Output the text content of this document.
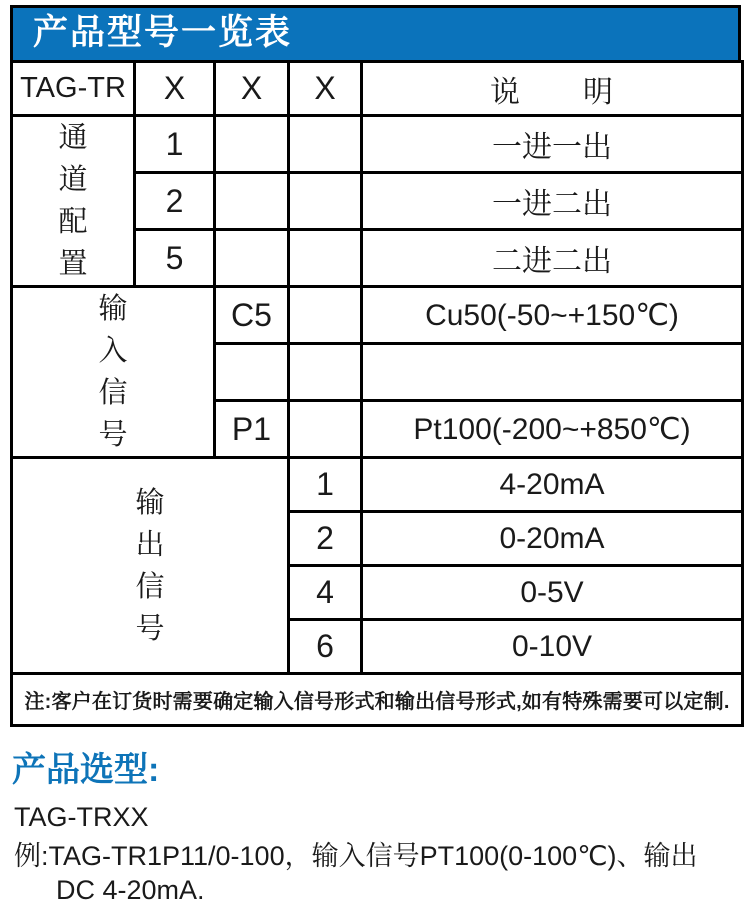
产品型号一览表
TAG-TR	X	X	X	说　　明
通道配置	1			一进一出
	2			一进二出
	5			二进二出
输入信号		C5		Cu50(-50~+150℃)

		P1		Pt100(-200~+850℃)
输出信号			1	4-20mA
			2	0-20mA
			4	0-5V
			6	0-10V
注:客户在订货时需要确定输入信号形式和输出信号形式,如有特殊需要可以定制.				
产品选型:
TAG-TRXX
例:TAG-TR1P11/0-100，输入信号PT100(0-100℃)、输出
DC 4-20mA.
